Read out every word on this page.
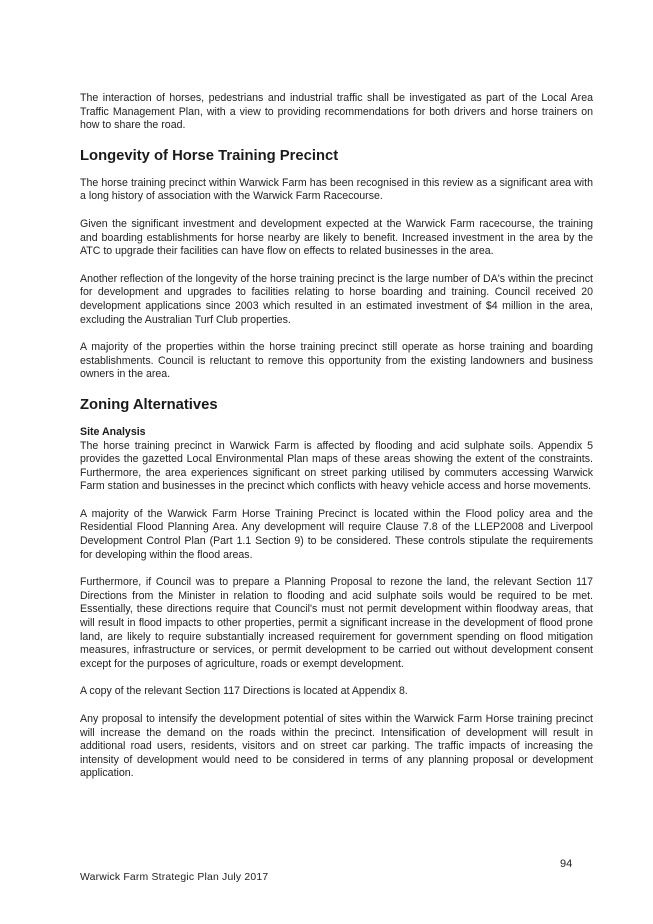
The interaction of horses, pedestrians and industrial traffic shall be investigated as part of the Local Area Traffic Management Plan, with a view to providing recommendations for both drivers and horse trainers on how to share the road.

Longevity of Horse Training Precinct

The horse training precinct within Warwick Farm has been recognised in this review as a significant area with a long history of association with the Warwick Farm Racecourse.

Given the significant investment and development expected at the Warwick Farm racecourse, the training and boarding establishments for horse nearby are likely to benefit. Increased investment in the area by the ATC to upgrade their facilities can have flow on effects to related businesses in the area.

Another reflection of the longevity of the horse training precinct is the large number of DA's within the precinct for development and upgrades to facilities relating to horse boarding and training. Council received 20 development applications since 2003 which resulted in an estimated investment of $4 million in the area, excluding the Australian Turf Club properties.

A majority of the properties within the horse training precinct still operate as horse training and boarding establishments. Council is reluctant to remove this opportunity from the existing landowners and business owners in the area.

Zoning Alternatives
Site Analysis

The horse training precinct in Warwick Farm is affected by flooding and acid sulphate soils. Appendix 5 provides the gazetted Local Environmental Plan maps of these areas showing the extent of the constraints. Furthermore, the area experiences significant on street parking utilised by commuters accessing Warwick Farm station and businesses in the precinct which conflicts with heavy vehicle access and horse movements.

A majority of the Warwick Farm Horse Training Precinct is located within the Flood policy area and the Residential Flood Planning Area. Any development will require Clause 7.8 of the LLEP2008 and Liverpool Development Control Plan (Part 1.1 Section 9) to be considered. These controls stipulate the requirements for developing within the flood areas.

Furthermore, if Council was to prepare a Planning Proposal to rezone the land, the relevant Section 117 Directions from the Minister in relation to flooding and acid sulphate soils would be required to be met. Essentially, these directions require that Council's must not permit development within floodway areas, that will result in flood impacts to other properties, permit a significant increase in the development of flood prone land, are likely to require substantially increased requirement for government spending on flood mitigation measures, infrastructure or services, or permit development to be carried out without development consent except for the purposes of agriculture, roads or exempt development.

A copy of the relevant Section 117 Directions is located at Appendix 8.

Any proposal to intensify the development potential of sites within the Warwick Farm Horse training precinct will increase the demand on the roads within the precinct. Intensification of development will result in additional road users, residents, visitors and on street car parking. The traffic impacts of increasing the intensity of development would need to be considered in terms of any planning proposal or development application.

94
Warwick Farm Strategic Plan July 2017
